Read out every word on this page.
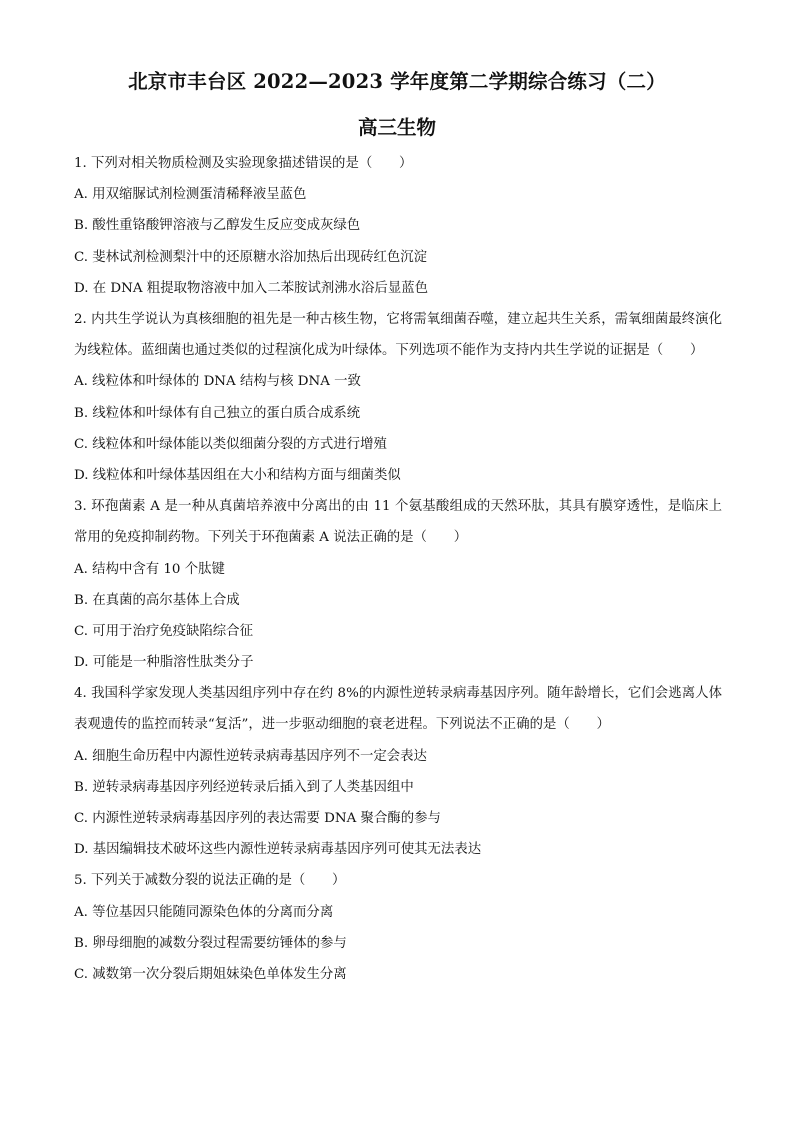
北京市丰台区 2022—2023 学年度第二学期综合练习（二）
高三生物
1. 下列对相关物质检测及实验现象描述错误的是（　　）
A. 用双缩脲试剂检测蛋清稀释液呈蓝色
B. 酸性重铬酸钾溶液与乙醇发生反应变成灰绿色
C. 斐林试剂检测梨汁中的还原糖水浴加热后出现砖红色沉淀
D. 在 DNA 粗提取物溶液中加入二苯胺试剂沸水浴后显蓝色
2. 内共生学说认为真核细胞的祖先是一种古核生物，它将需氧细菌吞噬，建立起共生关系，需氧细菌最终演化为线粒体。蓝细菌也通过类似的过程演化成为叶绿体。下列选项不能作为支持内共生学说的证据是（　　）
A. 线粒体和叶绿体的 DNA 结构与核 DNA 一致
B. 线粒体和叶绿体有自己独立的蛋白质合成系统
C. 线粒体和叶绿体能以类似细菌分裂的方式进行增殖
D. 线粒体和叶绿体基因组在大小和结构方面与细菌类似
3. 环孢菌素 A 是一种从真菌培养液中分离出的由 11 个氨基酸组成的天然环肽，其具有膜穿透性，是临床上常用的免疫抑制药物。下列关于环孢菌素 A 说法正确的是（　　）
A. 结构中含有 10 个肽键
B. 在真菌的高尔基体上合成
C. 可用于治疗免疫缺陷综合征
D. 可能是一种脂溶性肽类分子
4. 我国科学家发现人类基因组序列中存在约 8%的内源性逆转录病毒基因序列。随年龄增长，它们会逃离人体表观遗传的监控而转录“复活”，进一步驱动细胞的衰老进程。下列说法不正确的是（　　）
A. 细胞生命历程中内源性逆转录病毒基因序列不一定会表达
B. 逆转录病毒基因序列经逆转录后插入到了人类基因组中
C. 内源性逆转录病毒基因序列的表达需要 DNA 聚合酶的参与
D. 基因编辑技术破坏这些内源性逆转录病毒基因序列可使其无法表达
5. 下列关于减数分裂的说法正确的是（　　）
A. 等位基因只能随同源染色体的分离而分离
B. 卵母细胞的减数分裂过程需要纺锤体的参与
C. 减数第一次分裂后期姐妹染色单体发生分离
